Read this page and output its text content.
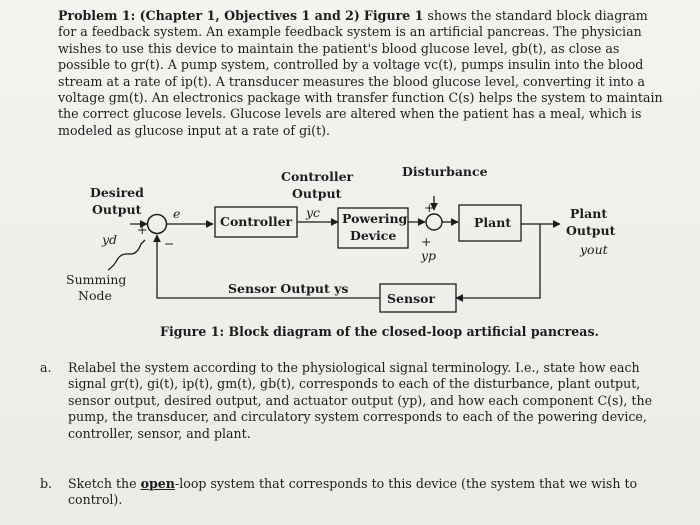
Problem 1: (Chapter 1, Objectives 1 and 2) Figure 1 shows the standard block diagram for a feedback system. An example feedback system is an artificial pancreas. The physician wishes to use this device to maintain the patient's blood glucose level, gb(t), as close as possible to gr(t). A pump system, controlled by a voltage vc(t), pumps insulin into the blood stream at a rate of ip(t). A transducer measures the blood glucose level, converting it into a voltage gm(t). An electronics package with transfer function C(s) helps the system to maintain the correct glucose levels. Glucose levels are altered when the patient has a meal, which is modeled as glucose input at a rate of gi(t).
Desired
Output
yd
+
e
−
Summing
Node
Controller
Controller
Output
yc Powering
Device
Disturbance
+
+
yp
Plant
Plant
Output
yout
Sensor
Sensor Output ys
Figure 1: Block diagram of the closed-loop artificial pancreas.
a. Relabel the system according to the physiological signal terminology. I.e., state how each signal gr(t), gi(t), ip(t), gm(t), gb(t), corresponds to each of the disturbance, plant output, sensor output, desired output, and actuator output (yp), and how each component C(s), the pump, the transducer, and circulatory system corresponds to each of the powering device, controller, sensor, and plant.
b. Sketch the open-loop system that corresponds to this device (the system that we wish to control).
